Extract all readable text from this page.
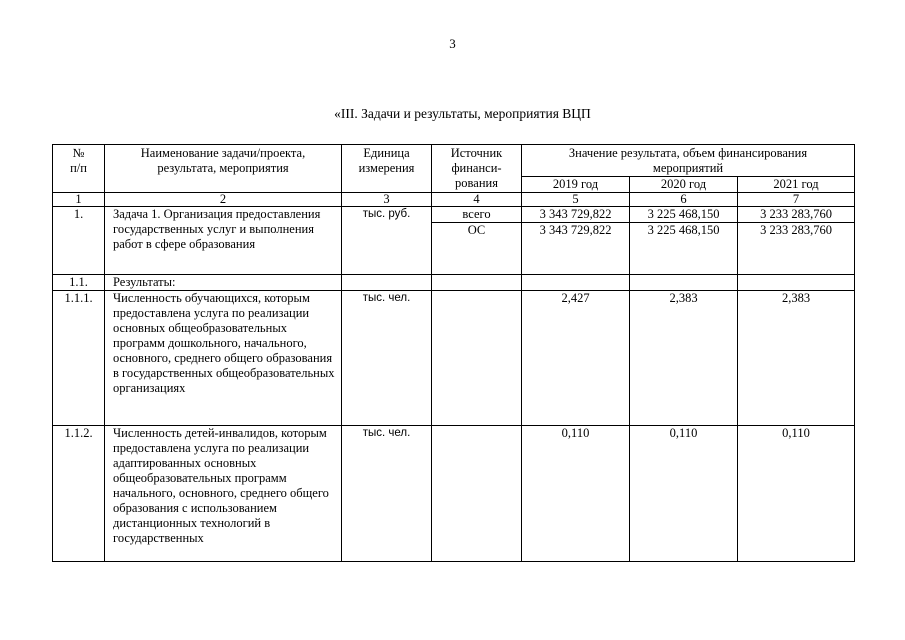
3
«III. Задачи и результаты, мероприятия ВЦП
№ п/п	Наименование задачи/проекта, результата, мероприятия	Единица измерения	Источник финанси-рования	Значение результата, объем финансирования мероприятий		
				2019 год	2020 год	2021 год
1	2	3	4	5	6	7
1.	Задача 1. Организация предоставления государственных услуг и выполнения работ в сфере образования	тыс. руб.	всего	3 343 729,822	3 225 468,150	3 233 283,760
			ОС	3 343 729,822	3 225 468,150	3 233 283,760
1.1.	Результаты:					
1.1.1.	Численность обучающихся, которым предоставлена услуга по реализации основных общеобразовательных программ дошкольного, начального, основного, среднего общего образования в государственных общеобразовательных организациях	тыс. чел.		2,427	2,383	2,383
1.1.2.	Численность детей-инвалидов, которым предоставлена услуга по реализации адаптированных основных общеобразовательных программ начального, основного, среднего общего образования с использованием дистанционных технологий в государственных	тыс. чел.		0,110	0,110	0,110
